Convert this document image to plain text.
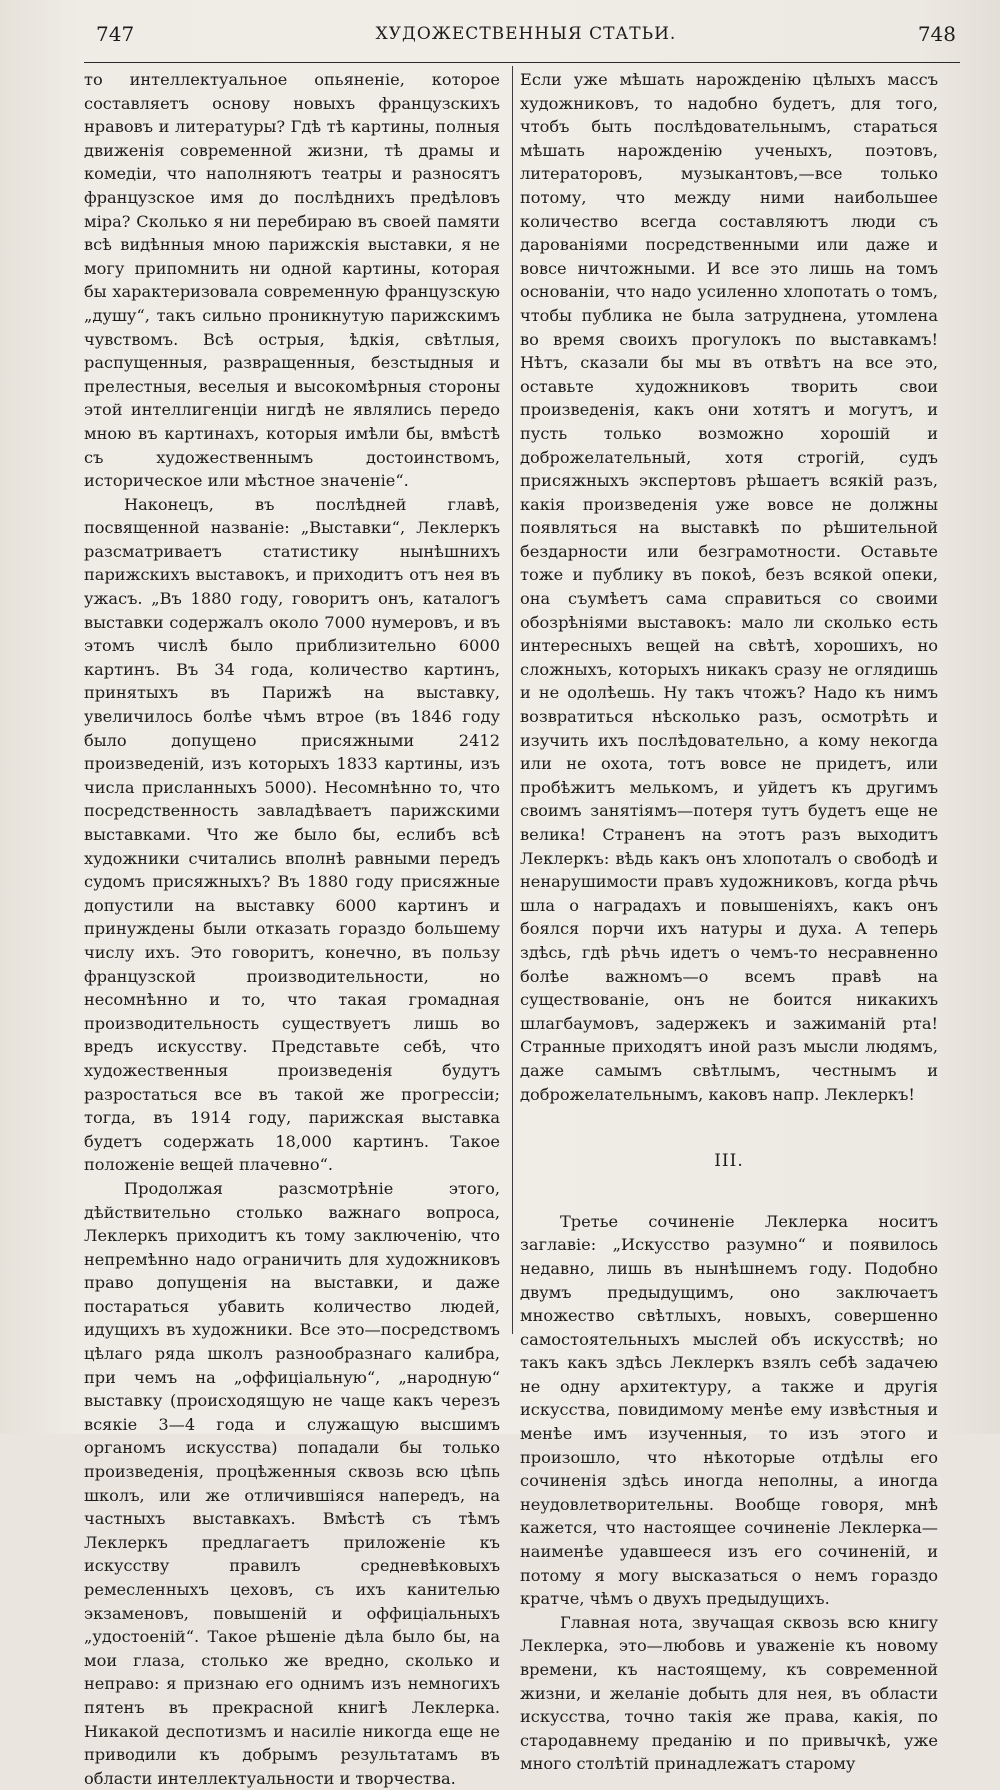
747	ХУДОЖЕСТВЕННЫЯ СТАТЬИ.	748

то интеллектуальное опьяненіе, которое составляетъ основу новыхъ французскихъ нравовъ и литературы? Гдѣ тѣ картины, полныя движенія современной жизни, тѣ драмы и комедіи, что наполняютъ театры и разносятъ французское имя до послѣднихъ предѣловъ міра? Сколько я ни перебираю въ своей памяти всѣ видѣнныя мною парижскія выставки, я не могу припомнить ни одной картины, которая бы характеризовала современную французскую „душу“, такъ сильно проникнутую парижскимъ чувствомъ. Всѣ острыя, ѣдкія, свѣтлыя, распущенныя, развращенныя, безстыдныя и прелестныя, веселыя и высокомѣрныя стороны этой интеллигенціи нигдѣ не являлись передо мною въ картинахъ, которыя имѣли бы, вмѣстѣ съ художественнымъ достоинствомъ, историческое или мѣстное значеніе“.

Наконецъ, въ послѣдней главѣ, посвященной названіе: „Выставки“, Леклеркъ разсматриваетъ статистику нынѣшнихъ парижскихъ выставокъ, и приходитъ отъ нея въ ужасъ. „Въ 1880 году, говоритъ онъ, каталогъ выставки содержалъ около 7000 нумеровъ, и въ этомъ числѣ было приблизительно 6000 картинъ. Въ 34 года, количество картинъ, принятыхъ въ Парижѣ на выставку, увеличилось болѣе чѣмъ втрое (въ 1846 году было допущено присяжными 2412 произведеній, изъ которыхъ 1833 картины, изъ числа присланныхъ 5000). Несомнѣнно то, что посредственность завладѣваетъ парижскими выставками. Что же было бы, еслибъ всѣ художники считались вполнѣ равными передъ судомъ присяжныхъ? Въ 1880 году присяжные допустили на выставку 6000 картинъ и принуждены были отказать гораздо большему числу ихъ. Это говоритъ, конечно, въ пользу французской производительности, но несомнѣнно и то, что такая громадная производительность существуетъ лишь во вредъ искусству. Представьте себѣ, что художественныя произведенія будутъ разростаться все въ такой же прогрессіи; тогда, въ 1914 году, парижская выставка будетъ содержать 18,000 картинъ. Такое положеніе вещей плачевно“.

Продолжая разсмотрѣніе этого, дѣйствительно столько важнаго вопроса, Леклеркъ приходитъ къ тому заключенію, что непремѣнно надо ограничить для художниковъ право допущенія на выставки, и даже постараться убавить количество людей, идущихъ въ художники. Все это—посредствомъ цѣлаго ряда школъ разнообразнаго калибра, при чемъ на „оффиціальную“, „народную“ выставку (происходящую не чаще какъ черезъ всякіе 3—4 года и служащую высшимъ органомъ искусства) попадали бы только произведенія, процѣженныя сквозь всю цѣпь школъ, или же отличившіяся напередъ, на частныхъ выставкахъ. Вмѣстѣ съ тѣмъ Леклеркъ предлагаетъ приложеніе къ искусству правилъ средневѣковыхъ ремесленныхъ цеховъ, съ ихъ канителью экзаменовъ, повышеній и оффиціальныхъ „удостоеній“. Такое рѣшеніе дѣла было бы, на мои глаза, столько же вредно, сколько и неправо: я признаю его однимъ изъ немногихъ пятенъ въ прекрасной книгѣ Леклерка. Никакой деспотизмъ и насиліе никогда еще не приводили къ добрымъ результатамъ въ области интеллектуальности и творчества.

Если уже мѣшать нарожденію цѣлыхъ массъ художниковъ, то надобно будетъ, для того, чтобъ быть послѣдовательнымъ, стараться мѣшать нарожденію ученыхъ, поэтовъ, литераторовъ, музыкантовъ,—все только потому, что между ними наибольшее количество всегда составляютъ люди съ дарованіями посредственными или даже и вовсе ничтожными. И все это лишь на томъ основаніи, что надо усиленно хлопотать о томъ, чтобы публика не была затруднена, утомлена во время своихъ прогулокъ по выставкамъ! Нѣтъ, сказали бы мы въ отвѣтъ на все это, оставьте художниковъ творить свои произведенія, какъ они хотятъ и могутъ, и пусть только возможно хорошій и доброжелательный, хотя строгій, судъ присяжныхъ экспертовъ рѣшаетъ всякій разъ, какія произведенія уже вовсе не должны появляться на выставкѣ по рѣшительной бездарности или безграмотности. Оставьте тоже и публику въ покоѣ, безъ всякой опеки, она съумѣетъ сама справиться со своими обозрѣніями выставокъ: мало ли сколько есть интересныхъ вещей на свѣтѣ, хорошихъ, но сложныхъ, которыхъ никакъ сразу не оглядишь и не одолѣешь. Ну такъ чтожъ? Надо къ нимъ возвратиться нѣсколько разъ, осмотрѣть и изучить ихъ послѣдовательно, а кому некогда или не охота, тотъ вовсе не придетъ, или пробѣжитъ мелькомъ, и уйдетъ къ другимъ своимъ занятіямъ—потеря тутъ будетъ еще не велика! Страненъ на этотъ разъ выходитъ Леклеркъ: вѣдь какъ онъ хлопоталъ о свободѣ и ненарушимости правъ художниковъ, когда рѣчь шла о наградахъ и повышеніяхъ, какъ онъ боялся порчи ихъ натуры и духа. А теперь здѣсь, гдѣ рѣчь идетъ о чемъ-то несравненно болѣе важномъ—о всемъ правѣ на существованіе, онъ не боится никакихъ шлагбаумовъ, задержекъ и зажиманій рта! Странные приходятъ иной разъ мысли людямъ, даже самымъ свѣтлымъ, честнымъ и доброжелательнымъ, каковъ напр. Леклеркъ!

III.

Третье сочиненіе Леклерка носитъ заглавіе: „Искусство разумно“ и появилось недавно, лишь въ нынѣшнемъ году. Подобно двумъ предыдущимъ, оно заключаетъ множество свѣтлыхъ, новыхъ, совершенно самостоятельныхъ мыслей объ искусствѣ; но такъ какъ здѣсь Леклеркъ взялъ себѣ задачею не одну архитектуру, а также и другія искусства, повидимому менѣе ему извѣстныя и менѣе имъ изученныя, то изъ этого и произошло, что нѣкоторые отдѣлы его сочиненія здѣсь иногда неполны, а иногда неудовлетворительны. Вообще говоря, мнѣ кажется, что настоящее сочиненіе Леклерка—наименѣе удавшееся изъ его сочиненій, и потому я могу высказаться о немъ гораздо кратче, чѣмъ о двухъ предыдущихъ.

Главная нота, звучащая сквозь всю книгу Леклерка, это—любовь и уваженіе къ новому времени, къ настоящему, къ современной жизни, и желаніе добыть для нея, въ области искусства, точно такія же права, какія, по стародавнему преданію и по привычкѣ, уже много столѣтій принадлежатъ старому
